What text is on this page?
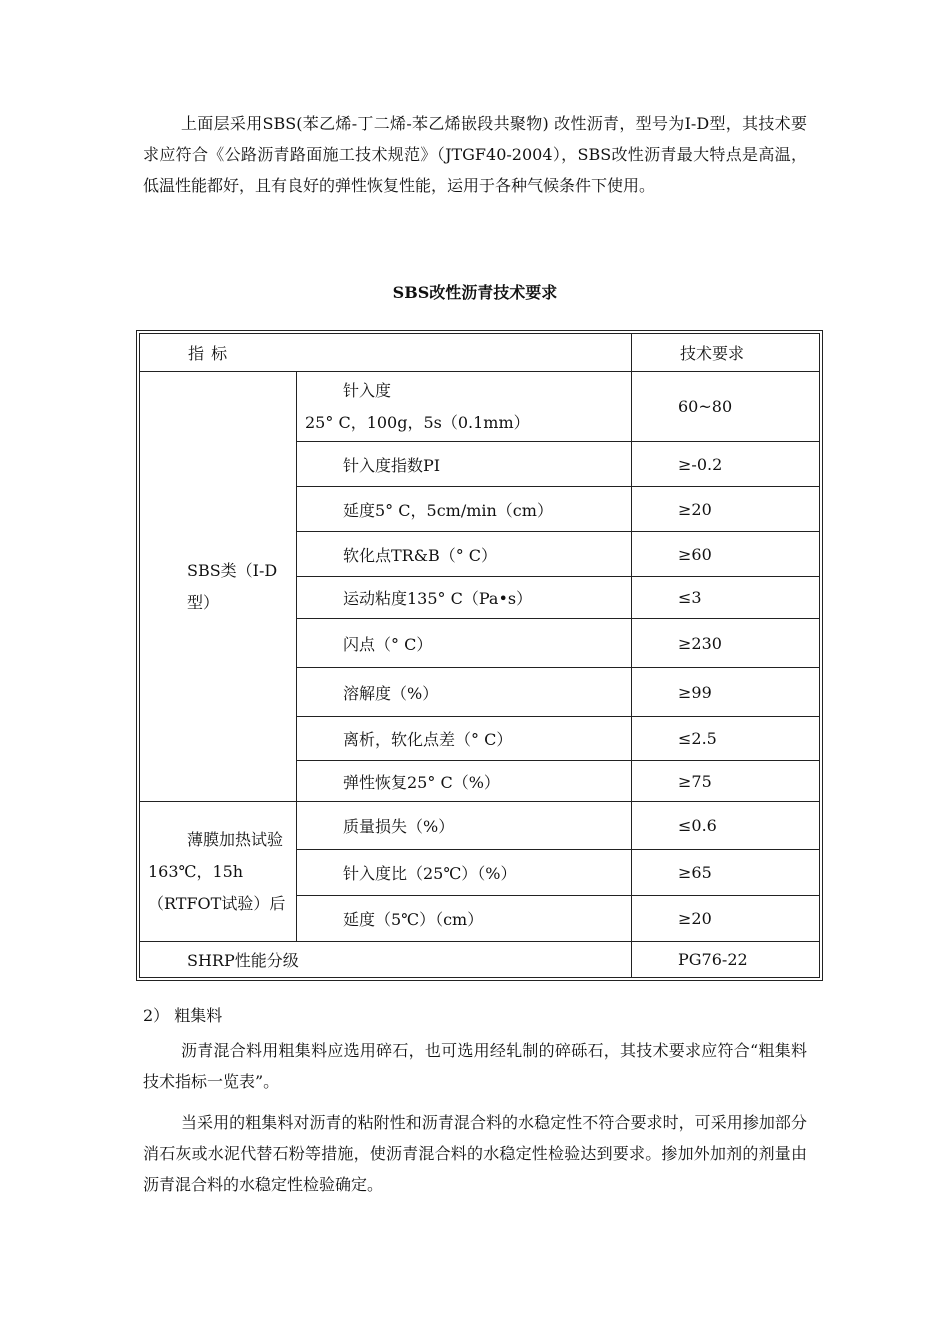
上面层采用SBS(苯乙烯-丁二烯-苯乙烯嵌段共聚物) 改性沥青，型号为I-D型，其技术要求应符合《公路沥青路面施工技术规范》（JTGF40-2004），SBS改性沥青最大特点是高温，低温性能都好，且有良好的弹性恢复性能，运用于各种气候条件下使用。

SBS改性沥青技术要求
指 标		技术要求

SBS类（I-D型）	针入度
25° C，100g，5s（0.1mm）	60~80
	针入度指数PI	≥-0.2
	延度5° C，5cm/min（cm）	≥20
	软化点TR&B（° C）	≥60
	运动粘度135° C（Pa•s）	≤3
	闪点（° C）	≥230
	溶解度（%）	≥99
	离析，软化点差（° C）	≤2.5
	弹性恢复25° C（%）	≥75

薄膜加热试验
163℃，15h（RTFOT试验）后	质量损失（%）	≤0.6
	针入度比（25℃）（%）	≥65
	延度（5℃）（cm）	≥20
SHRP性能分级		PG76-22
2） 粗集料

沥青混合料用粗集料应选用碎石，也可选用经轧制的碎砾石，其技术要求应符合“粗集料技术指标一览表”。

当采用的粗集料对沥青的粘附性和沥青混合料的水稳定性不符合要求时，可采用掺加部分消石灰或水泥代替石粉等措施，使沥青混合料的水稳定性检验达到要求。掺加外加剂的剂量由沥青混合料的水稳定性检验确定。
